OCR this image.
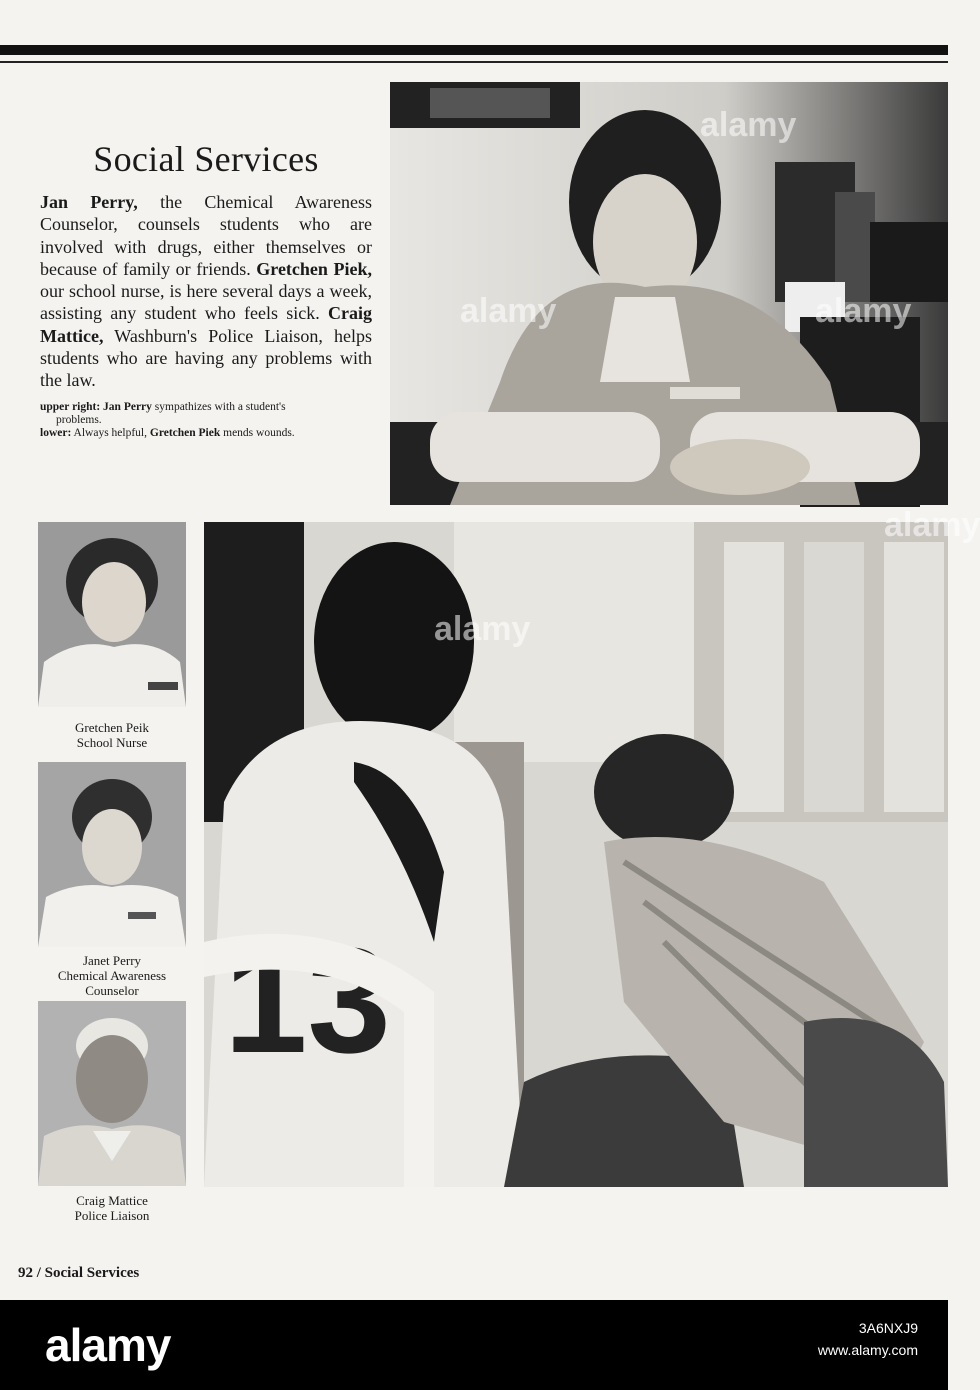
alamy
alamy	alamy
Social Services

Jan Perry, the Chemical Awareness Counselor, counsels students who are involved with drugs, either themselves or because of family or friends. Gretchen Piek, our school nurse, is here several days a week, assisting any student who feels sick. Craig Mattice, Washburn's Police Liaison, helps students who are having any problems with the law.

upper right: Jan Perry sympathizes with a student's
problems.

lower: Always helpful, Gretchen Piek mends wounds.

Gretchen Peik
School Nurse
Janet Perry
Chemical Awareness
Counselor
Craig Mattice
Police Liaison
13
alamy
alamy
92 / Social Services
alamy	3A6NXJ9
www.alamy.com
